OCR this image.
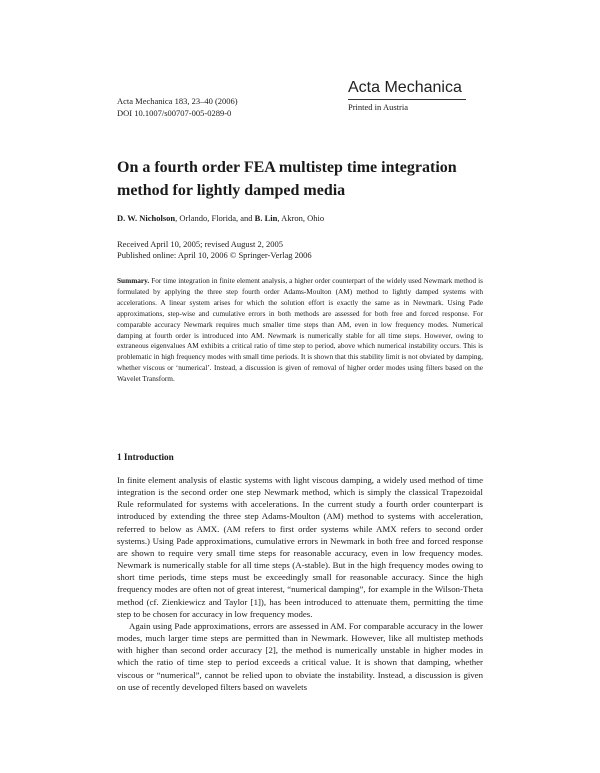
Acta Mechanica
Printed in Austria
Acta Mechanica 183, 23–40 (2006)
DOI 10.1007/s00707-005-0289-0
On a fourth order FEA multistep time integration method for lightly damped media
D. W. Nicholson, Orlando, Florida, and B. Lin, Akron, Ohio
Received April 10, 2005; revised August 2, 2005
Published online: April 10, 2006 © Springer-Verlag 2006
Summary. For time integration in finite element analysis, a higher order counterpart of the widely used Newmark method is formulated by applying the three step fourth order Adams-Moulton (AM) method to lightly damped systems with accelerations. A linear system arises for which the solution effort is exactly the same as in Newmark. Using Pade approximations, step-wise and cumulative errors in both methods are assessed for both free and forced response. For comparable accuracy Newmark requires much smaller time steps than AM, even in low frequency modes. Numerical damping at fourth order is introduced into AM. Newmark is numerically stable for all time steps. However, owing to extraneous eigenvalues AM exhibits a critical ratio of time step to period, above which numerical instability occurs. This is problematic in high frequency modes with small time periods. It is shown that this stability limit is not obviated by damping, whether viscous or ‘numerical’. Instead, a discussion is given of removal of higher order modes using filters based on the Wavelet Transform.
1 Introduction

In finite element analysis of elastic systems with light viscous damping, a widely used method of time integration is the second order one step Newmark method, which is simply the classical Trapezoidal Rule reformulated for systems with accelerations. In the current study a fourth order counterpart is introduced by extending the three step Adams-Moulton (AM) method to systems with acceleration, referred to below as AMX. (AM refers to first order systems while AMX refers to second order systems.) Using Pade approximations, cumulative errors in Newmark in both free and forced response are shown to require very small time steps for reasonable accuracy, even in low frequency modes. Newmark is numerically stable for all time steps (A-stable). But in the high frequency modes owing to short time periods, time steps must be exceedingly small for reasonable accuracy. Since the high frequency modes are often not of great interest, “numerical damping”, for example in the Wilson-Theta method (cf. Zienkiewicz and Taylor [1]), has been introduced to attenuate them, permitting the time step to be chosen for accuracy in low frequency modes.

Again using Pade approximations, errors are assessed in AM. For comparable accuracy in the lower modes, much larger time steps are permitted than in Newmark. However, like all multistep methods with higher than second order accuracy [2], the method is numerically unstable in higher modes in which the ratio of time step to period exceeds a critical value. It is shown that damping, whether viscous or “numerical”, cannot be relied upon to obviate the instability. Instead, a discussion is given on use of recently developed filters based on wavelets
